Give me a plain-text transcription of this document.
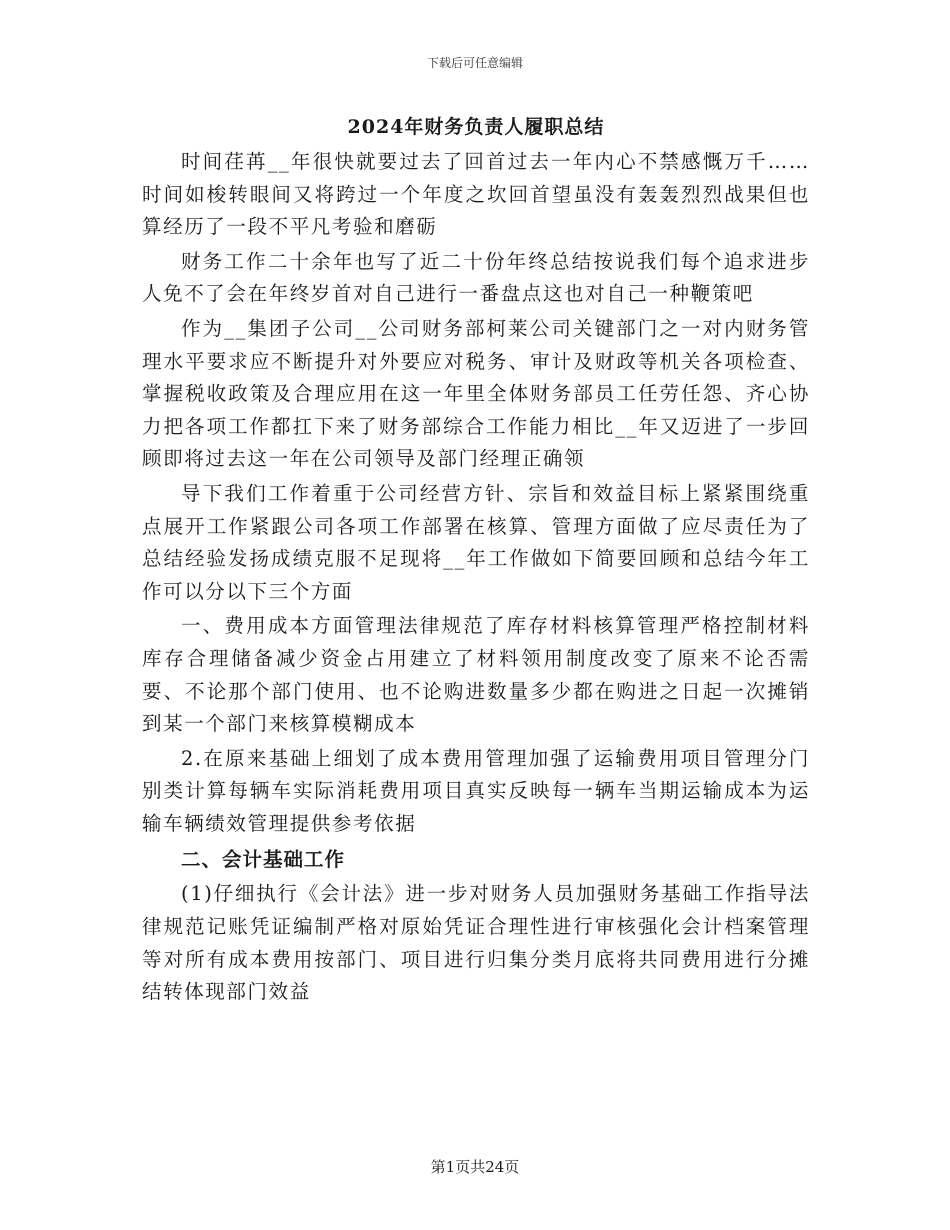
下载后可任意编辑
2024年财务负责人履职总结

时间荏苒__年很快就要过去了回首过去一年内心不禁感慨万千……时间如梭转眼间又将跨过一个年度之坎回首望虽没有轰轰烈烈战果但也算经历了一段不平凡考验和磨砺

财务工作二十余年也写了近二十份年终总结按说我们每个追求进步人免不了会在年终岁首对自己进行一番盘点这也对自己一种鞭策吧

作为__集团子公司__公司财务部柯莱公司关键部门之一对内财务管理水平要求应不断提升对外要应对税务、审计及财政等机关各项检查、掌握税收政策及合理应用在这一年里全体财务部员工任劳任怨、齐心协力把各项工作都扛下来了财务部综合工作能力相比__年又迈进了一步回顾即将过去这一年在公司领导及部门经理正确领

导下我们工作着重于公司经营方针、宗旨和效益目标上紧紧围绕重点展开工作紧跟公司各项工作部署在核算、管理方面做了应尽责任为了总结经验发扬成绩克服不足现将__年工作做如下简要回顾和总结今年工作可以分以下三个方面

一、费用成本方面管理法律规范了库存材料核算管理严格控制材料库存合理储备减少资金占用建立了材料领用制度改变了原来不论否需要、不论那个部门使用、也不论购进数量多少都在购进之日起一次摊销到某一个部门来核算模糊成本

2.在原来基础上细划了成本费用管理加强了运输费用项目管理分门别类计算每辆车实际消耗费用项目真实反映每一辆车当期运输成本为运输车辆绩效管理提供参考依据

二、会计基础工作

(1)仔细执行《会计法》进一步对财务人员加强财务基础工作指导法律规范记账凭证编制严格对原始凭证合理性进行审核强化会计档案管理等对所有成本费用按部门、项目进行归集分类月底将共同费用进行分摊结转体现部门效益

第1页共24页
